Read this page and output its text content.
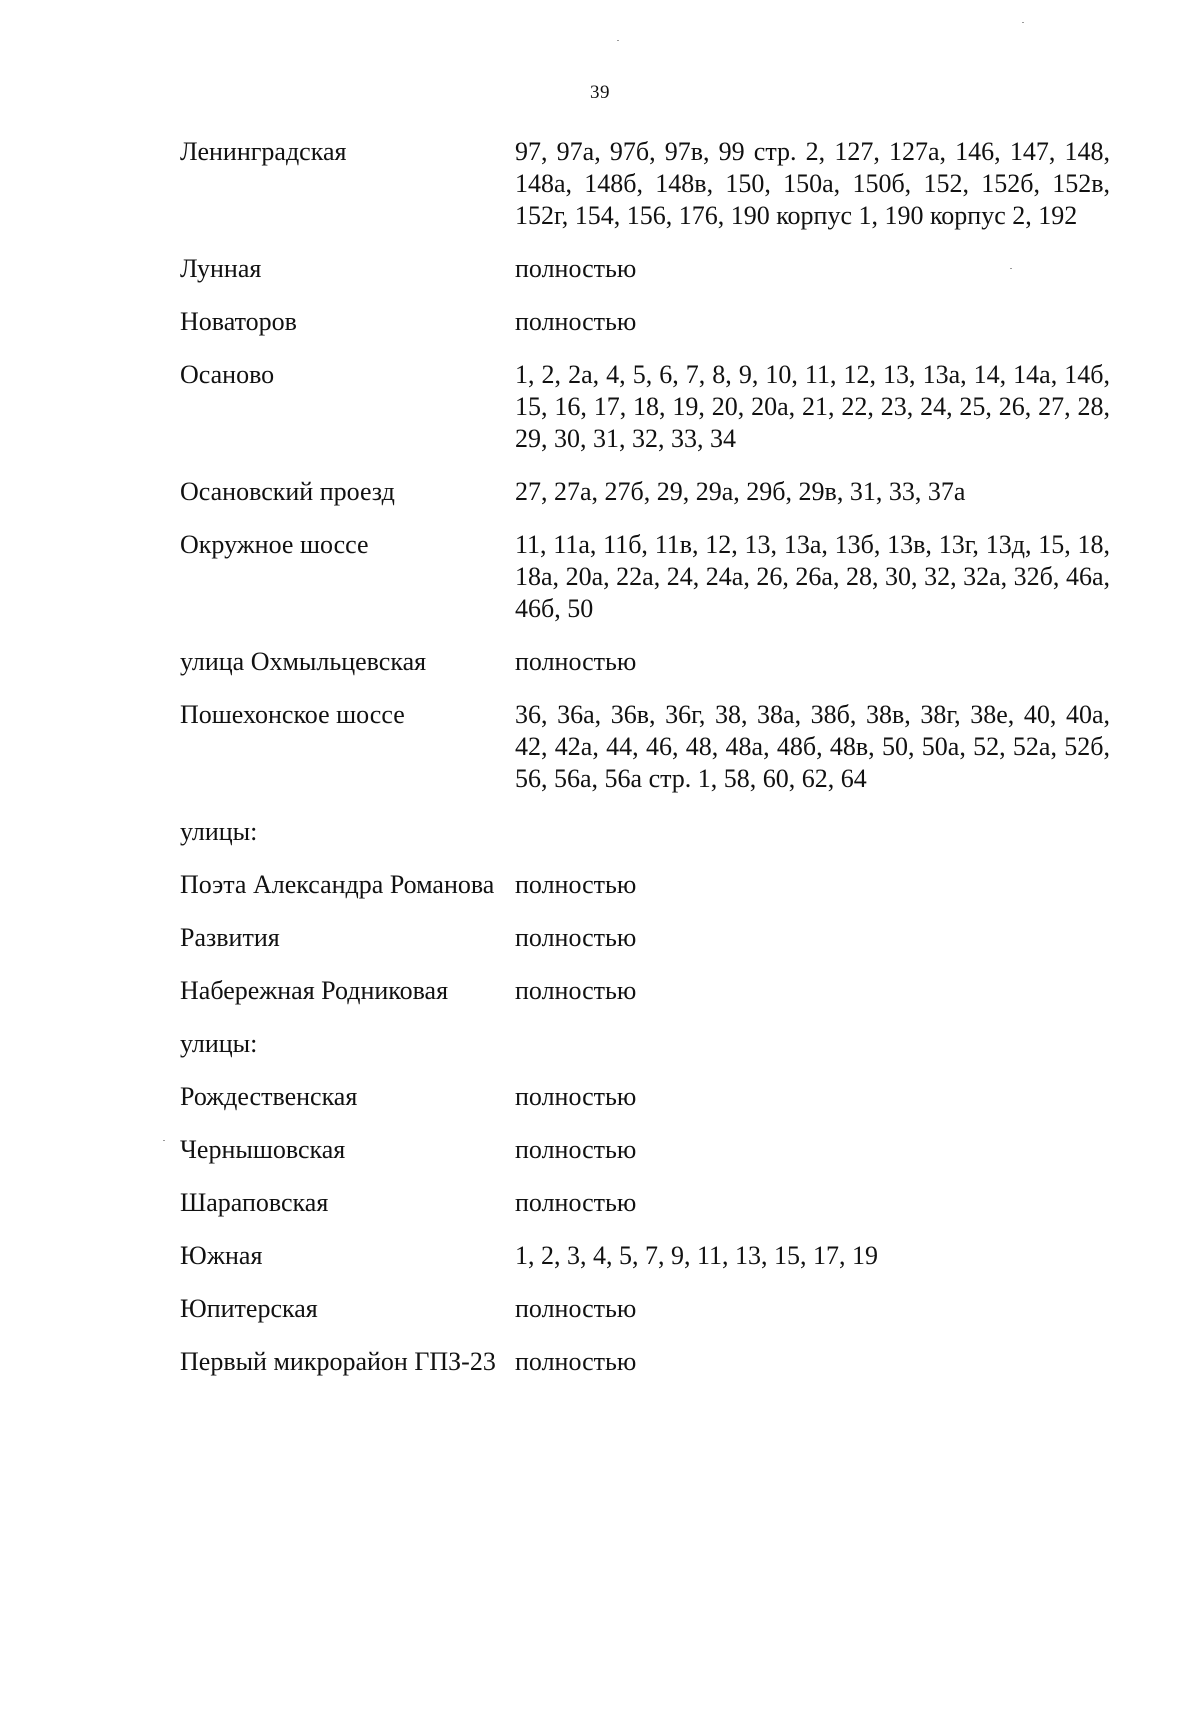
39
Ленинградская	97, 97а, 97б, 97в, 99 стр. 2, 127, 127а, 146, 147, 148, 148а, 148б, 148в, 150, 150а, 150б, 152, 152б, 152в, 152г, 154, 156, 176, 190 корпус 1, 190 корпус 2, 192
Лунная	полностью
Новаторов	полностью
Осаново	1, 2, 2а, 4, 5, 6, 7, 8, 9, 10, 11, 12, 13, 13а, 14, 14а, 14б, 15, 16, 17, 18, 19, 20, 20а, 21, 22, 23, 24, 25, 26, 27, 28, 29, 30, 31, 32, 33, 34
Осановский проезд	27, 27а, 27б, 29, 29а, 29б, 29в, 31, 33, 37а
Окружное шоссе	11, 11а, 11б, 11в, 12, 13, 13а, 13б, 13в, 13г, 13д, 15, 18, 18а, 20а, 22а, 24, 24а, 26, 26а, 28, 30, 32, 32а, 32б, 46а, 46б, 50
улица Охмыльцевская	полностью
Пошехонское шоссе	36, 36а, 36в, 36г, 38, 38а, 38б, 38в, 38г, 38е, 40, 40а, 42, 42а, 44, 46, 48, 48а, 48б, 48в, 50, 50а, 52, 52а, 52б, 56, 56а, 56а стр. 1, 58, 60, 62, 64
улицы:
Поэта Александра Романова полностью
Развития	полностью
Набережная Родниковая	полностью
улицы:
Рождественская	полностью
Чернышовская	полностью
Шараповская	полностью
Южная	1, 2, 3, 4, 5, 7, 9, 11, 13, 15, 17, 19
Юпитерская	полностью
Первый микрорайон ГПЗ-23 полностью
